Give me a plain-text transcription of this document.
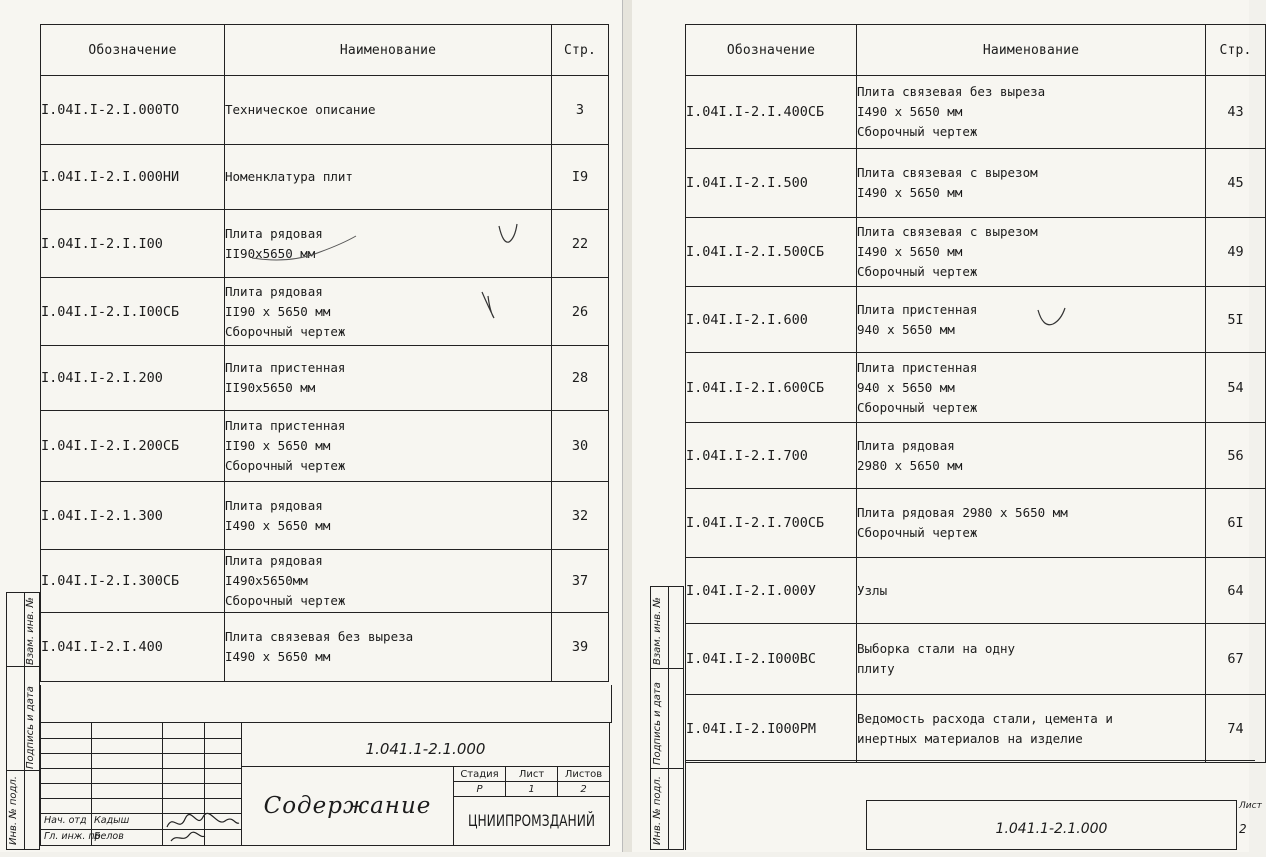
Обозначение	Наименование	Стр.
I.04I.I-2.I.000ТО	Техническое описание	3
I.04I.I-2.I.000НИ	Номенклатура плит	I9
I.04I.I-2.I.I00	Плита рядовая
II90x5650 мм	22
I.04I.I-2.I.I00СБ	Плита рядовая
II90 x 5650 мм
Сборочный чертеж	26
I.04I.I-2.I.200	Плита пристенная
II90x5650 мм	28
I.04I.I-2.I.200СБ	Плита пристенная
II90 x 5650 мм
Сборочный чертеж	30
I.04I.I-2.1.300	Плита рядовая
I490 x 5650 мм	32
I.04I.I-2.I.300СБ	Плита рядовая
I490x5650мм
Сборочный чертеж	37
I.04I.I-2.I.400	Плита связевая без выреза
I490 x 5650 мм	39
Обозначение	Наименование	Стр.
I.04I.I-2.I.400СБ	Плита связевая без выреза
I490 x 5650 мм
Сборочный чертеж	43
I.04I.I-2.I.500	Плита связевая с вырезом
I490 x 5650 мм	45
I.04I.I-2.I.500СБ	Плита связевая с вырезом
I490 x 5650 мм
Сборочный чертеж	49
I.04I.I-2.I.600	Плита пристенная
940 x 5650 мм	5I
I.04I.I-2.I.600СБ	Плита пристенная
940 x 5650 мм
Сборочный чертеж	54
I.04I.I-2.I.700	Плита рядовая
2980 x 5650 мм	56
I.04I.I-2.I.700СБ	Плита рядовая 2980 x 5650 мм
Сборочный чертеж	6I
I.04I.I-2.I.000У	Узлы	64
I.04I.I-2.I000ВС	Выборка стали на одну
плиту	67
I.04I.I-2.I000РМ	Ведомость расхода стали, цемента и
инертных материалов на изделие	74
Нач. отд Кадыш
Гл. инж. пр
Белов
1.041.1-2.1.000
Содержание
Стадия	Лист	Листов
Р	1	2
ЦНИИПРОМЗДАНИЙ
Инв. № подл.
Подпись и дата
Взам. инв. №
Инв. № подл.
Подпись и дата
Взам. инв. №
1.041.1-2.1.000
Лист
2
